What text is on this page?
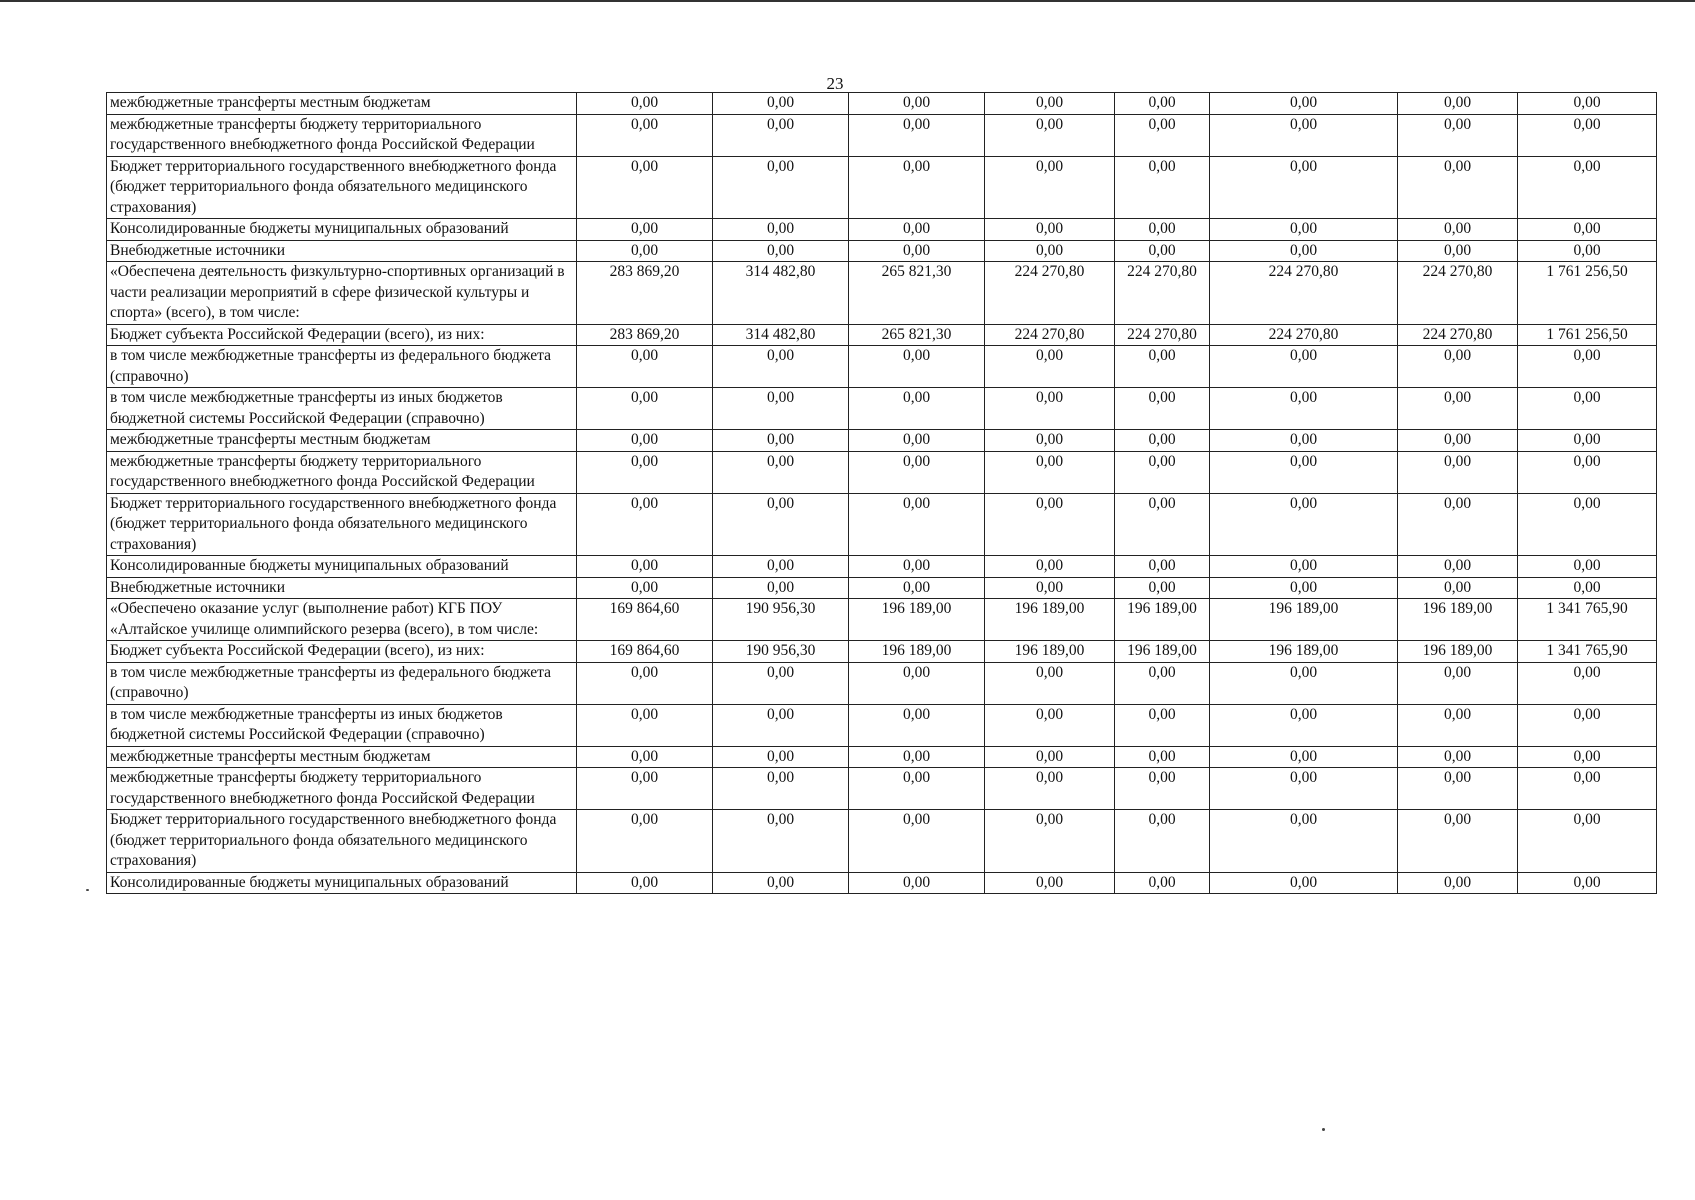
23
межбюджетные трансферты местным бюджетам	0,00	0,00	0,00	0,00	0,00	0,00	0,00	0,00
межбюджетные трансферты бюджету территориального государственного внебюджетного фонда Российской Федерации	0,00	0,00	0,00	0,00	0,00	0,00	0,00	0,00
Бюджет территориального государственного внебюджетного фонда (бюджет территориального фонда обязательного медицинского страхования)	0,00	0,00	0,00	0,00	0,00	0,00	0,00	0,00
Консолидированные бюджеты муниципальных образований	0,00	0,00	0,00	0,00	0,00	0,00	0,00	0,00
Внебюджетные источники	0,00	0,00	0,00	0,00	0,00	0,00	0,00	0,00
«Обеспечена деятельность физкультурно-спортивных организаций в части реализации мероприятий в сфере физической культуры и спорта» (всего), в том числе:	283 869,20	314 482,80	265 821,30	224 270,80	224 270,80	224 270,80	224 270,80	1 761 256,50
Бюджет субъекта Российской Федерации (всего), из них:	283 869,20	314 482,80	265 821,30	224 270,80	224 270,80	224 270,80	224 270,80	1 761 256,50
в том числе межбюджетные трансферты из федерального бюджета (справочно)	0,00	0,00	0,00	0,00	0,00	0,00	0,00	0,00
в том числе межбюджетные трансферты из иных бюджетов бюджетной системы Российской Федерации (справочно)	0,00	0,00	0,00	0,00	0,00	0,00	0,00	0,00
межбюджетные трансферты местным бюджетам	0,00	0,00	0,00	0,00	0,00	0,00	0,00	0,00
межбюджетные трансферты бюджету территориального государственного внебюджетного фонда Российской Федерации	0,00	0,00	0,00	0,00	0,00	0,00	0,00	0,00
Бюджет территориального государственного внебюджетного фонда (бюджет территориального фонда обязательного медицинского страхования)	0,00	0,00	0,00	0,00	0,00	0,00	0,00	0,00
Консолидированные бюджеты муниципальных образований	0,00	0,00	0,00	0,00	0,00	0,00	0,00	0,00
Внебюджетные источники	0,00	0,00	0,00	0,00	0,00	0,00	0,00	0,00
«Обеспечено оказание услуг (выполнение работ) КГБ ПОУ «Алтайское училище олимпийского резерва (всего), в том числе:	169 864,60	190 956,30	196 189,00	196 189,00	196 189,00	196 189,00	196 189,00	1 341 765,90
Бюджет субъекта Российской Федерации (всего), из них:	169 864,60	190 956,30	196 189,00	196 189,00	196 189,00	196 189,00	196 189,00	1 341 765,90
в том числе межбюджетные трансферты из федерального бюджета (справочно)	0,00	0,00	0,00	0,00	0,00	0,00	0,00	0,00
в том числе межбюджетные трансферты из иных бюджетов бюджетной системы Российской Федерации (справочно)	0,00	0,00	0,00	0,00	0,00	0,00	0,00	0,00
межбюджетные трансферты местным бюджетам	0,00	0,00	0,00	0,00	0,00	0,00	0,00	0,00
межбюджетные трансферты бюджету территориального государственного внебюджетного фонда Российской Федерации	0,00	0,00	0,00	0,00	0,00	0,00	0,00	0,00
Бюджет территориального государственного внебюджетного фонда (бюджет территориального фонда обязательного медицинского страхования)	0,00	0,00	0,00	0,00	0,00	0,00	0,00	0,00
Консолидированные бюджеты муниципальных образований	0,00	0,00	0,00	0,00	0,00	0,00	0,00	0,00
